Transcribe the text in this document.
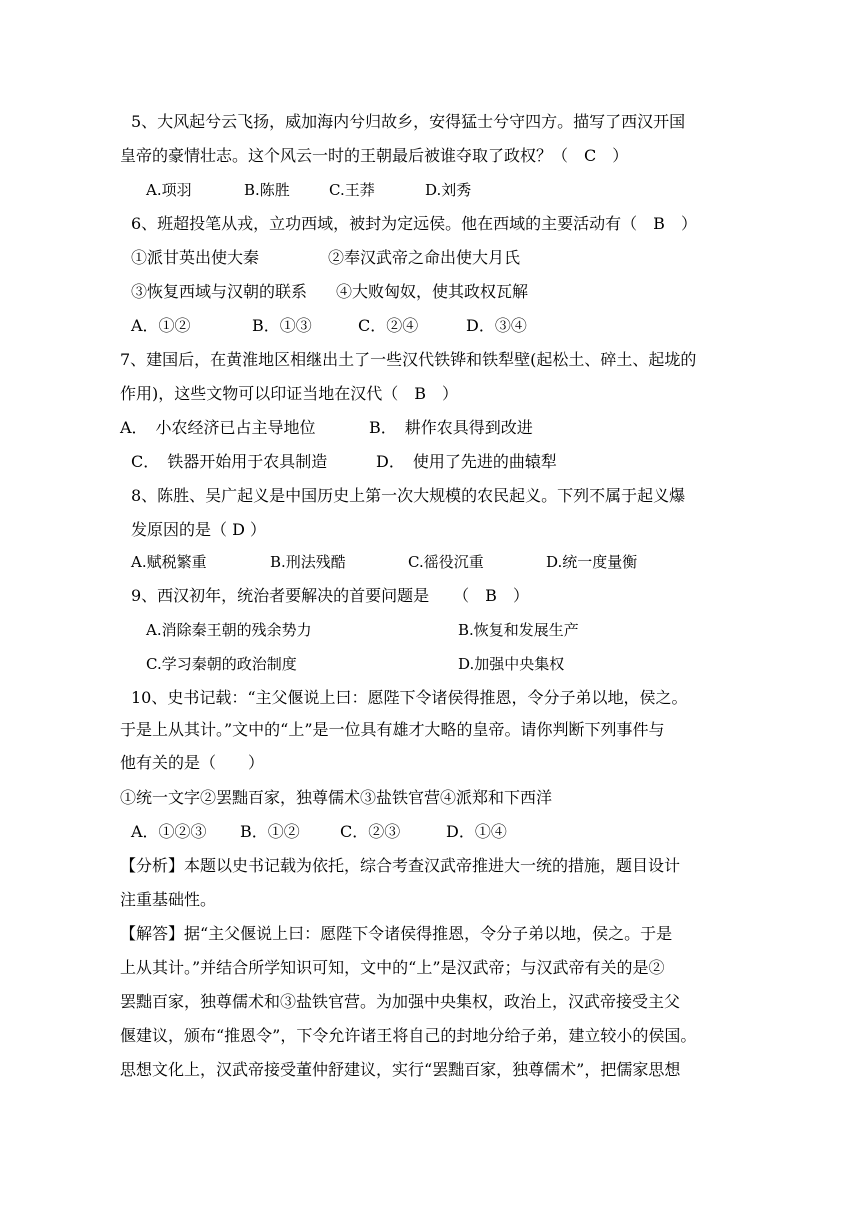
5、大风起兮云飞扬，威加海内兮归故乡，安得猛士兮守四方。描写了西汉开国
皇帝的豪情壮志。这个风云一时的王朝最后被谁夺取了政权？（　C　）
A.项羽	B.陈胜	C.王莽	D.刘秀
6、班超投笔从戎，立功西域，被封为定远侯。他在西域的主要活动有（　B　）
①派甘英出使大秦	②奉汉武帝之命出使大月氏
③恢复西域与汉朝的联系 ④大败匈奴，使其政权瓦解
A．①②	B．①③	C．②④	D．③④
7、建国后，在黄淮地区相继出土了一些汉代铁铧和铁犁壁(起松土、碎土、起垅的
作用)，这些文物可以印证当地在汉代（　B　）
A．　小农经济已占主导地位	B．　耕作农具得到改进
C．　铁器开始用于农具制造	D．　使用了先进的曲辕犁
8、陈胜、吴广起义是中国历史上第一次大规模的农民起义。下列不属于起义爆
发原因的是（ D ）
A.赋税繁重	B.刑法残酷	C.徭役沉重	D.统一度量衡
9、西汉初年，统治者要解决的首要问题是　　（　B　）
A.消除秦王朝的残余势力	B.恢复和发展生产
C.学习秦朝的政治制度	D.加强中央集权
10、史书记载：“主父偃说上曰：愿陛下令诸侯得推恩，令分子弟以地，侯之。
于是上从其计。”文中的“上”是一位具有雄才大略的皇帝。请你判断下列事件与
他有关的是（　　）
①统一文字②罢黜百家，独尊儒术③盐铁官营④派郑和下西洋
A．①②③ B．①②	C．②③	D．①④
【分析】本题以史书记载为依托，综合考查汉武帝推进大一统的措施，题目设计
注重基础性。
【解答】据“主父偃说上曰：愿陛下令诸侯得推恩，令分子弟以地，侯之。于是
上从其计。”并结合所学知识可知，文中的“上”是汉武帝；与汉武帝有关的是②
罢黜百家，独尊儒术和③盐铁官营。为加强中央集权，政治上，汉武帝接受主父
偃建议，颁布“推恩令”，下令允许诸王将自己的封地分给子弟，建立较小的侯国。
思想文化上，汉武帝接受董仲舒建议，实行“罢黜百家，独尊儒术”，把儒家思想
